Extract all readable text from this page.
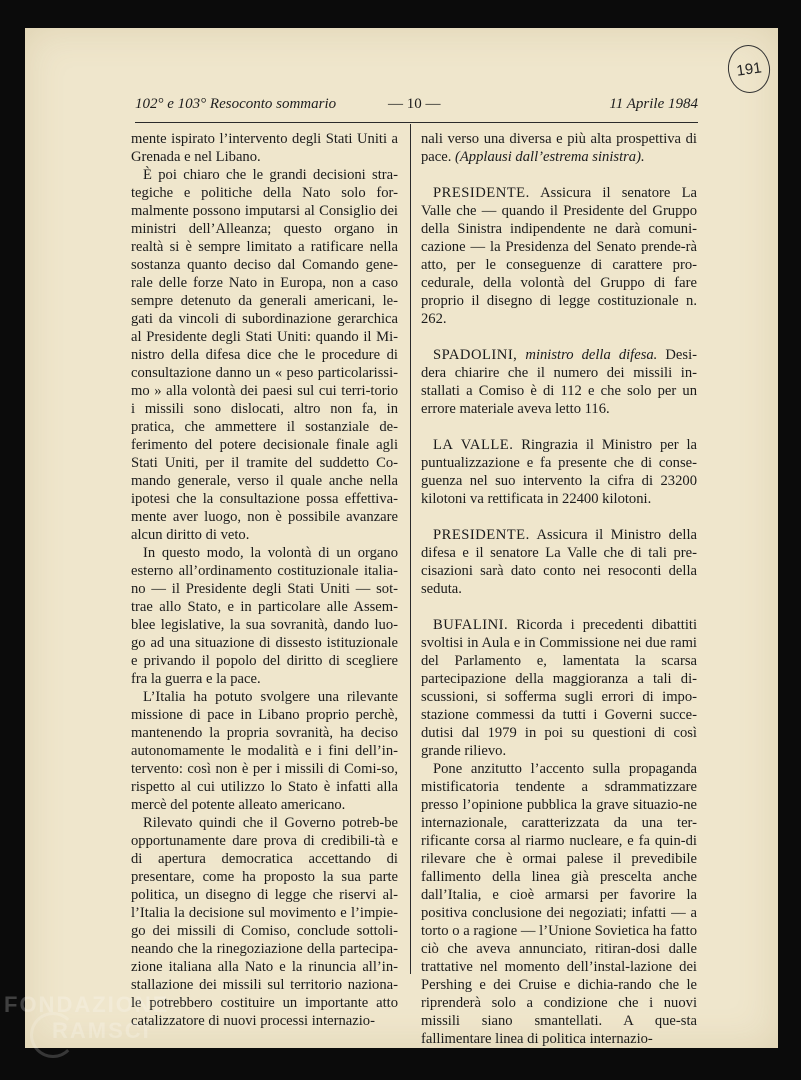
191
102° e 103° Resoconto sommario	— 10 —	11 Aprile 1984

mente ispirato l’intervento degli Stati Uniti a Grenada e nel Libano.

È poi chiaro che le grandi decisioni stra-tegiche e politiche della Nato solo for-malmente possono imputarsi al Consiglio dei ministri dell’Alleanza; questo organo in realtà si è sempre limitato a ratificare nella sostanza quanto deciso dal Comando gene-rale delle forze Nato in Europa, non a caso sempre detenuto da generali americani, le-gati da vincoli di subordinazione gerarchica al Presidente degli Stati Uniti: quando il Mi-nistro della difesa dice che le procedure di consultazione danno un « peso particolarissi-mo » alla volontà dei paesi sul cui terri-torio i missili sono dislocati, altro non fa, in pratica, che ammettere il sostanziale de-ferimento del potere decisionale finale agli Stati Uniti, per il tramite del suddetto Co-mando generale, verso il quale anche nella ipotesi che la consultazione possa effettiva-mente aver luogo, non è possibile avanzare alcun diritto di veto.

In questo modo, la volontà di un organo esterno all’ordinamento costituzionale italia-no — il Presidente degli Stati Uniti — sot-trae allo Stato, e in particolare alle Assem-blee legislative, la sua sovranità, dando luo-go ad una situazione di dissesto istituzionale e privando il popolo del diritto di scegliere fra la guerra e la pace.

L’Italia ha potuto svolgere una rilevante missione di pace in Libano proprio perchè, mantenendo la propria sovranità, ha deciso autonomamente le modalità e i fini dell’in-tervento: così non è per i missili di Comi-so, rispetto al cui utilizzo lo Stato è infatti alla mercè del potente alleato americano.

Rilevato quindi che il Governo potreb-be opportunamente dare prova di credibili-tà e di apertura democratica accettando di presentare, come ha proposto la sua parte politica, un disegno di legge che riservi al-l’Italia la decisione sul movimento e l’impie-go dei missili di Comiso, conclude sottoli-neando che la rinegoziazione della partecipa-zione italiana alla Nato e la rinuncia all’in-stallazione dei missili sul territorio naziona-le potrebbero costituire un importante atto catalizzatore di nuovi processi internazio-

nali verso una diversa e più alta prospettiva di pace. (Applausi dall’estrema sinistra).

PRESIDENTE. Assicura il senatore La Valle che — quando il Presidente del Gruppo della Sinistra indipendente ne darà comuni-cazione — la Presidenza del Senato prende-rà atto, per le conseguenze di carattere pro-cedurale, della volontà del Gruppo di fare proprio il disegno di legge costituzionale n. 262.

SPADOLINI, ministro della difesa. Desi-dera chiarire che il numero dei missili in-stallati a Comiso è di 112 e che solo per un errore materiale aveva letto 116.

LA VALLE. Ringrazia il Ministro per la puntualizzazione e fa presente che di conse-guenza nel suo intervento la cifra di 23200 kilotoni va rettificata in 22400 kilotoni.

PRESIDENTE. Assicura il Ministro della difesa e il senatore La Valle che di tali pre-cisazioni sarà dato conto nei resoconti della seduta.

BUFALINI. Ricorda i precedenti dibattiti svoltisi in Aula e in Commissione nei due rami del Parlamento e, lamentata la scarsa partecipazione della maggioranza a tali di-scussioni, si sofferma sugli errori di impo-stazione commessi da tutti i Governi succe-dutisi dal 1979 in poi su questioni di così grande rilievo.

Pone anzitutto l’accento sulla propaganda mistificatoria tendente a sdrammatizzare presso l’opinione pubblica la grave situazio-ne internazionale, caratterizzata da una ter-rificante corsa al riarmo nucleare, e fa quin-di rilevare che è ormai palese il prevedibile fallimento della linea già prescelta anche dall’Italia, e cioè armarsi per favorire la positiva conclusione dei negoziati; infatti — a torto o a ragione — l’Unione Sovietica ha fatto ciò che aveva annunciato, ritiran-dosi dalle trattative nel momento dell’instal-lazione dei Pershing e dei Cruise e dichia-rando che le riprenderà solo a condizione che i nuovi missili siano smantellati. A que-sta fallimentare linea di politica internazio-

FONDAZIONE
RAMSCI
